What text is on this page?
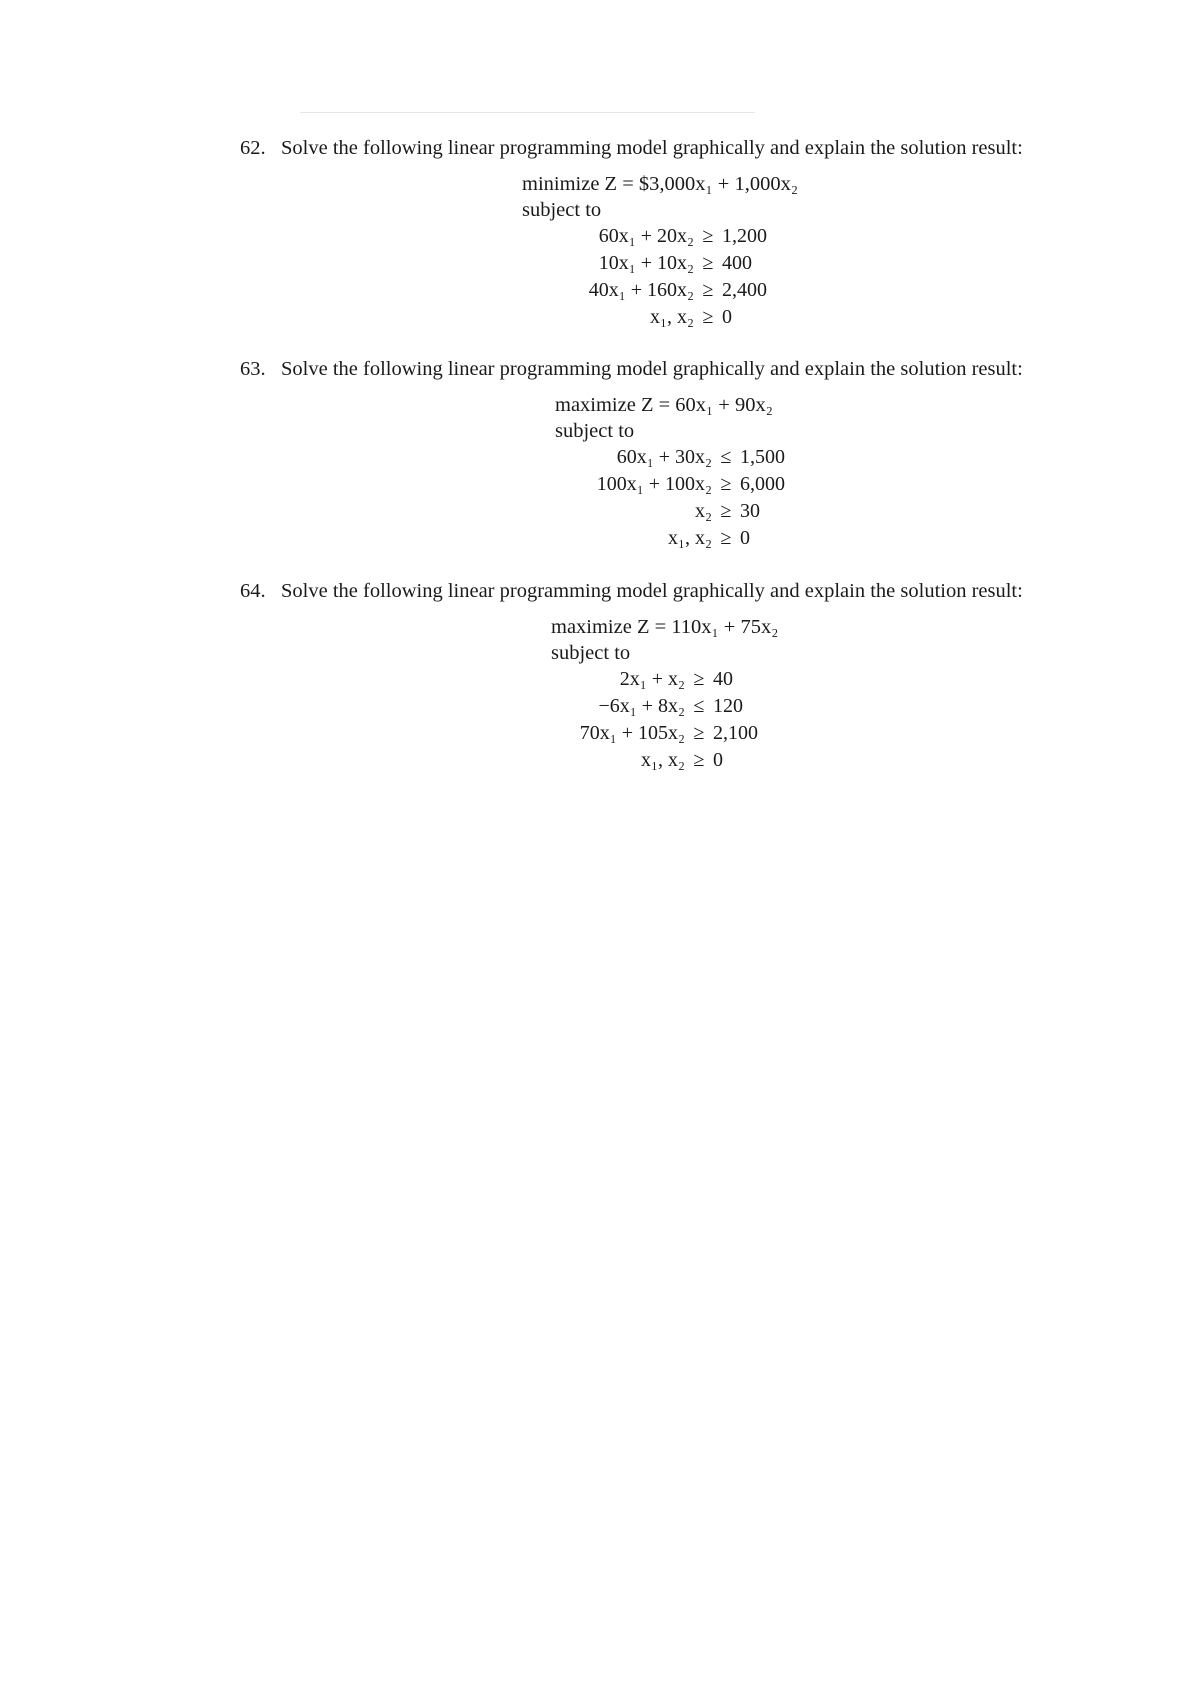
62. Solve the following linear programming model graphically and explain the solution result:
minimize Z = $3,000x₁ + 1,000x₂
subject to
60x₁ + 20x₂ ≥ 1,200
10x₁ + 10x₂ ≥ 400
40x₁ + 160x₂ ≥ 2,400
x₁, x₂ ≥ 0
63. Solve the following linear programming model graphically and explain the solution result:
maximize Z = 60x₁ + 90x₂
subject to
60x₁ + 30x₂ ≤ 1,500
100x₁ + 100x₂ ≥ 6,000
x₂ ≥ 30
x₁, x₂ ≥ 0
64. Solve the following linear programming model graphically and explain the solution result:
maximize Z = 110x₁ + 75x₂
subject to
2x₁ + x₂ ≥ 40
−6x₁ + 8x₂ ≤ 120
70x₁ + 105x₂ ≥ 2,100
x₁, x₂ ≥ 0
